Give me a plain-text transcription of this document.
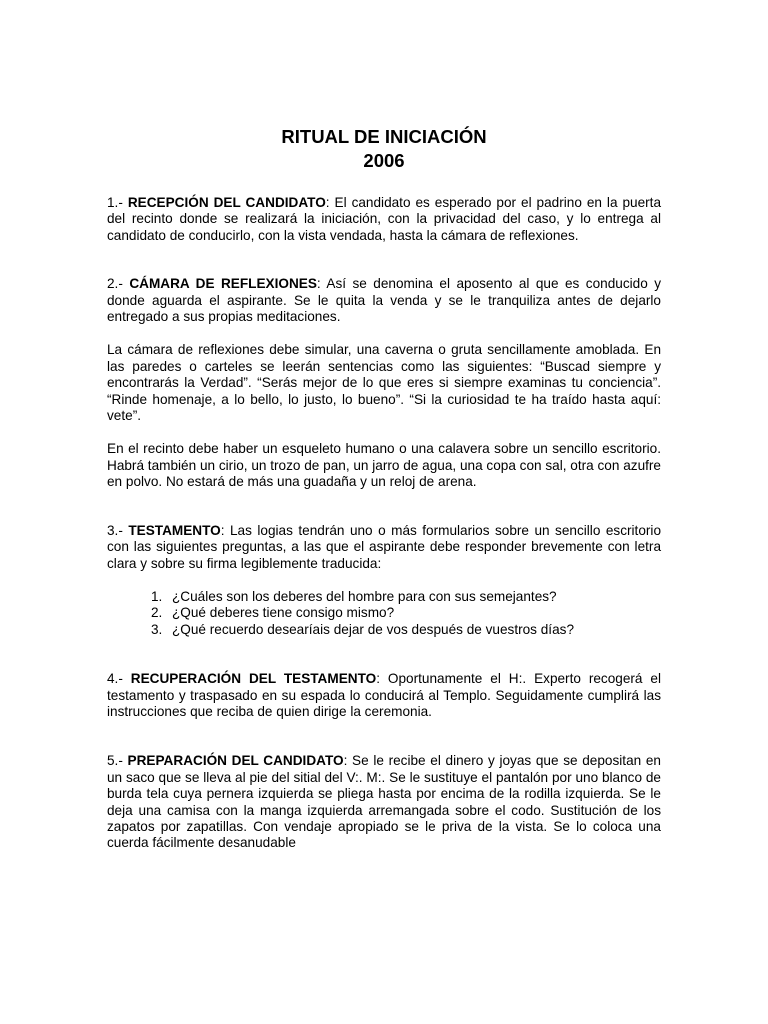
RITUAL DE INICIACIÓN
2006

1.- RECEPCIÓN DEL CANDIDATO: El candidato es esperado por el padrino en la puerta del recinto donde se realizará la iniciación, con la privacidad del caso, y lo entrega al candidato de conducirlo, con la vista vendada, hasta la cámara de reflexiones.

2.- CÁMARA DE REFLEXIONES: Así se denomina el aposento al que es conducido y donde aguarda el aspirante. Se le quita la venda y se le tranquiliza antes de dejarlo entregado a sus propias meditaciones.

La cámara de reflexiones debe simular, una caverna o gruta sencillamente amoblada. En las paredes o carteles se leerán sentencias como las siguientes: “Buscad siempre y encontrarás la Verdad”. “Serás mejor de lo que eres si siempre examinas tu conciencia”. “Rinde homenaje, a lo bello, lo justo, lo bueno”. “Si la curiosidad te ha traído hasta aquí: vete”.

En el recinto debe haber un esqueleto humano o una calavera sobre un sencillo escritorio. Habrá también un cirio, un trozo de pan, un jarro de agua, una copa con sal, otra con azufre en polvo. No estará de más una guadaña y un reloj de arena.

3.- TESTAMENTO: Las logias tendrán uno o más formularios sobre un sencillo escritorio con las siguientes preguntas, a las que el aspirante debe responder brevemente con letra clara y sobre su firma legiblemente traducida:

1. ¿Cuáles son los deberes del hombre para con sus semejantes?
2. ¿Qué deberes tiene consigo mismo?
3. ¿Qué recuerdo desearíais dejar de vos después de vuestros días?

4.- RECUPERACIÓN DEL TESTAMENTO: Oportunamente el H:. Experto recogerá el testamento y traspasado en su espada lo conducirá al Templo. Seguidamente cumplirá las instrucciones que reciba de quien dirige la ceremonia.

5.- PREPARACIÓN DEL CANDIDATO: Se le recibe el dinero y joyas que se depositan en un saco que se lleva al pie del sitial del V:. M:. Se le sustituye el pantalón por uno blanco de burda tela cuya pernera izquierda se pliega hasta por encima de la rodilla izquierda. Se le deja una camisa con la manga izquierda arremangada sobre el codo. Sustitución de los zapatos por zapatillas. Con vendaje apropiado se le priva de la vista. Se lo coloca una cuerda fácilmente desanudable
